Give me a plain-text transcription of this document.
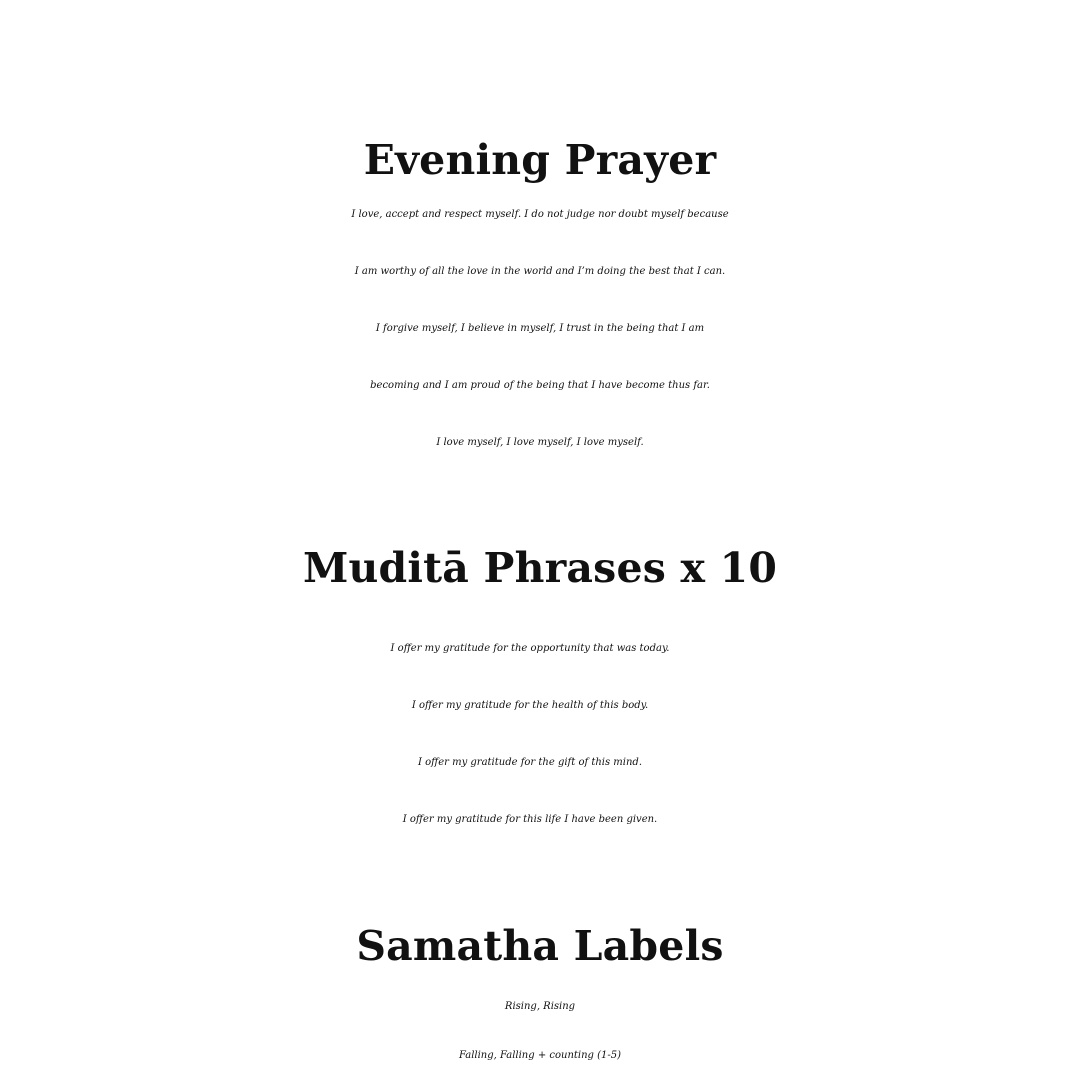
Evening Prayer

I love, accept and respect myself. I do not judge nor doubt myself because
I am worthy of all the love in the world and I’m doing the best that I can.
I forgive myself, I believe in myself, I trust in the being that I am
becoming and I am proud of the being that I have become thus far.
I love myself, I love myself, I love myself.

Muditā Phrases x 10

I offer my gratitude for the opportunity that was today.
I offer my gratitude for the health of this body.
I offer my gratitude for the gift of this mind.
I offer my gratitude for this life I have been given.

Samatha Labels

Rising, Rising
Falling, Falling + counting (1-5)
